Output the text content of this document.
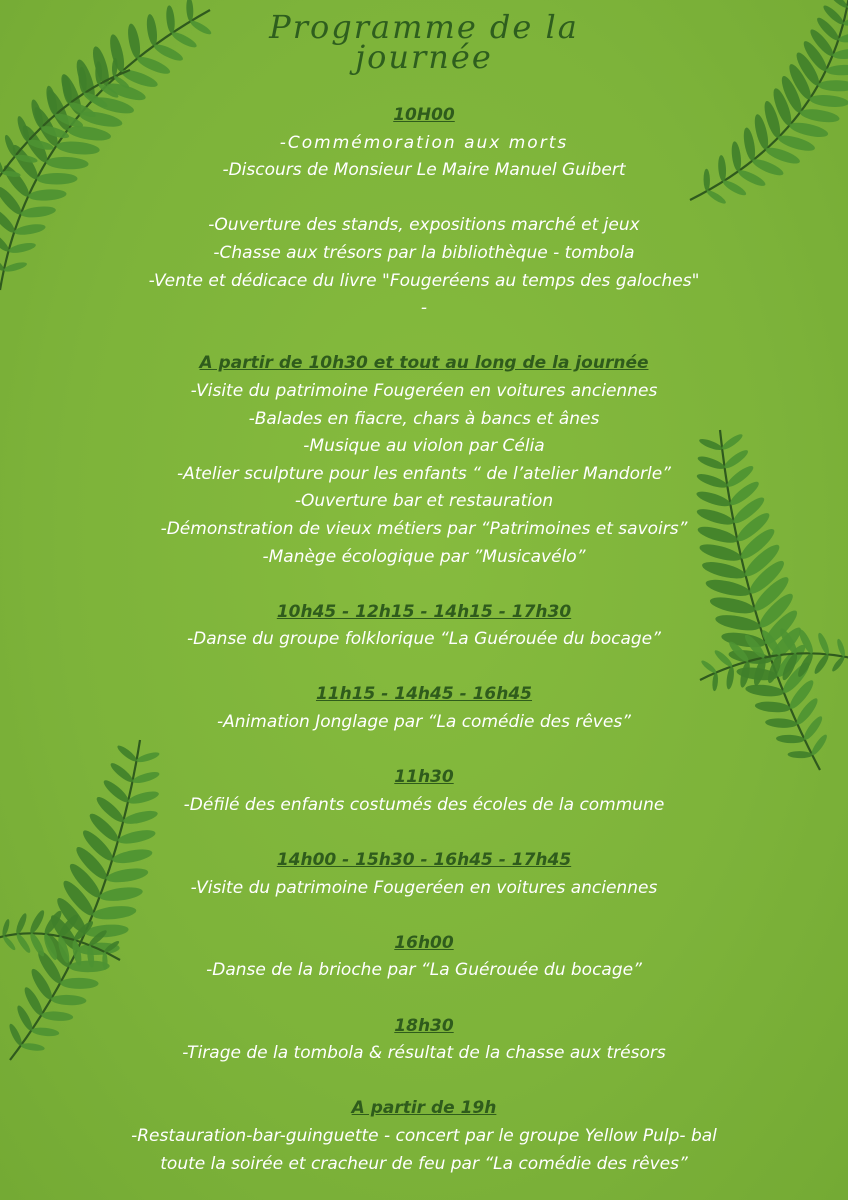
Programme de la
journée
10H00
-Commémoration aux morts
-Discours de Monsieur Le Maire Manuel Guibert
-Ouverture des stands, expositions marché et jeux
-Chasse aux trésors par la bibliothèque - tombola
-Vente et dédicace du livre "Fougeréens au temps des galoches"
-
A partir de 10h30 et tout au long de la journée
-Visite du patrimoine Fougeréen en voitures anciennes
-Balades en fiacre, chars à bancs et ânes
-Musique au violon par Célia
-Atelier sculpture pour les enfants “ de l’atelier Mandorle”
-Ouverture bar et restauration
-Démonstration de vieux métiers par “Patrimoines et savoirs”
-Manège écologique par ”Musicavélo”
10h45 - 12h15 - 14h15 - 17h30
-Danse du groupe folklorique “La Guérouée du bocage”
11h15 - 14h45 - 16h45
-Animation Jonglage par “La comédie des rêves”
11h30
-Défilé des enfants costumés des écoles de la commune
14h00 - 15h30 - 16h45 - 17h45
-Visite du patrimoine Fougeréen en voitures anciennes
16h00
-Danse de la brioche par “La Guérouée du bocage”
18h30
-Tirage de la tombola & résultat de la chasse aux trésors
A partir de 19h
-Restauration-bar-guinguette - concert par le groupe Yellow Pulp- bal
toute la soirée et cracheur de feu par “La comédie des rêves”
